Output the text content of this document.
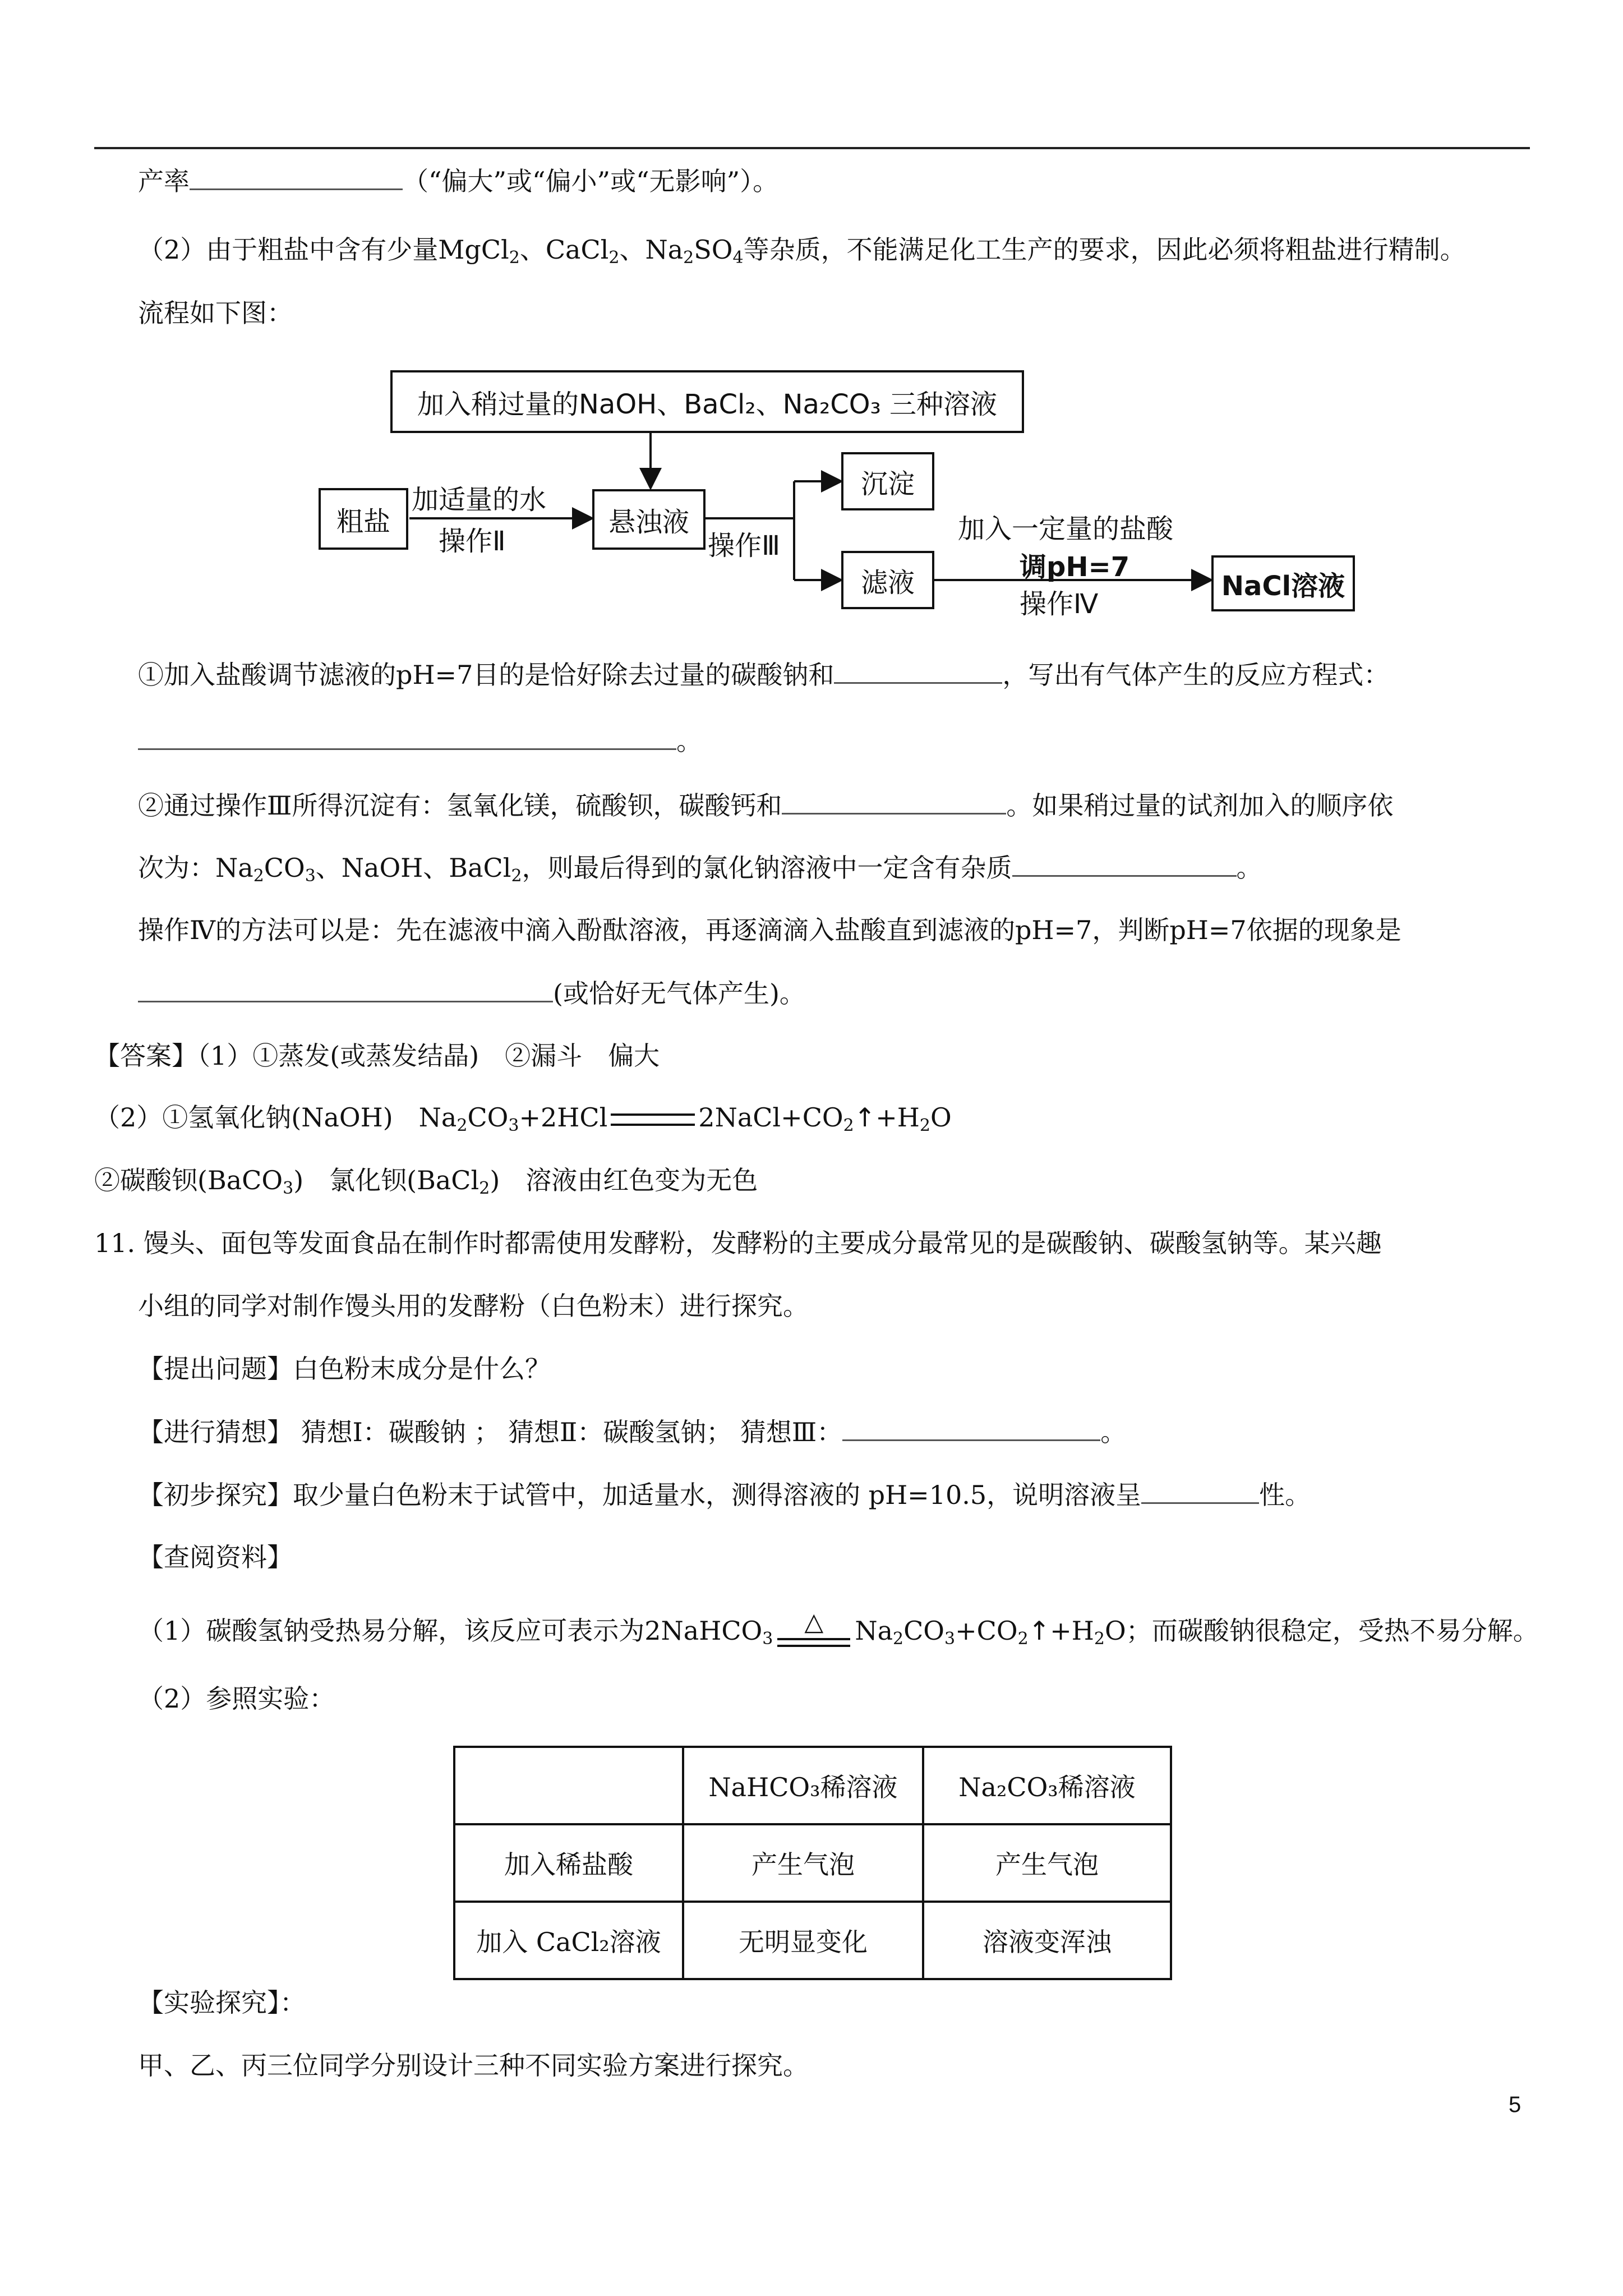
产率	（“偏大”或“偏小”或“无影响”）。
（2）由于粗盐中含有少量MgCl$_2$、CaCl$_2$、$Na_2SO_4$等杂质，不能满足化工生产的要求，因此必须将粗盐进行精制。
流程如下图：
加入稍过量的NaOH、BaCl₂、Na₂CO₃ 三种溶液
粗盐
加适量的水
操作Ⅱ
悬浊液
操作Ⅲ
沉淀
滤液
加入一定量的盐酸
调pH=7
操作Ⅳ
NaCl溶液
①加入盐酸调节滤液的pH=7目的是恰好除去过量的碳酸钠和	，写出有气体产生的反应方程式：
。
②通过操作Ⅲ所得沉淀有：氢氧化镁，硫酸钡，碳酸钙和	。如果稍过量的试剂加入的顺序依
次为：$Na_2CO_3$、NaOH、BaCl$_2$，则最后得到的氯化钠溶液中一定含有杂质	。
操作Ⅳ的方法可以是：先在滤液中滴入酚酞溶液，再逐滴滴入盐酸直到滤液的pH=7，判断pH=7依据的现象是
(或恰好无气体产生)。
【答案】（1）①蒸发(或蒸发结晶)　②漏斗　偏大
（2）①氢氧化钠(NaOH)　$Na_2CO_3+2HCl$	$2NaCl+CO_2↑+H_2O$
②碳酸钡(BaCO$_3$)　氯化钡(BaCl$_2$)　溶液由红色变为无色
11. 馒头、面包等发面食品在制作时都需使用发酵粉，发酵粉的主要成分最常见的是碳酸钠、碳酸氢钠等。某兴趣
小组的同学对制作馒头用的发酵粉（白色粉末）进行探究。
【提出问题】白色粉末成分是什么？
【进行猜想】 猜想Ⅰ：碳酸钠 ； 猜想Ⅱ：碳酸氢钠； 猜想Ⅲ：	。
【初步探究】取少量白色粉末于试管中，加适量水，测得溶液的 pH=10.5，说明溶液呈	性。
【查阅资料】
（1）碳酸氢钠受热易分解，该反应可表示为2NaHCO$_3$
△	$Na_2CO_3+CO_2↑+H_2O$；而碳酸钠很稳定，受热不易分解。
（2）参照实验：
	NaHCO₃稀溶液	Na₂CO₃稀溶液
加入稀盐酸	产生气泡	产生气泡
加入 CaCl₂溶液	无明显变化	溶液变浑浊
【实验探究】：
甲、乙、丙三位同学分别设计三种不同实验方案进行探究。
5
